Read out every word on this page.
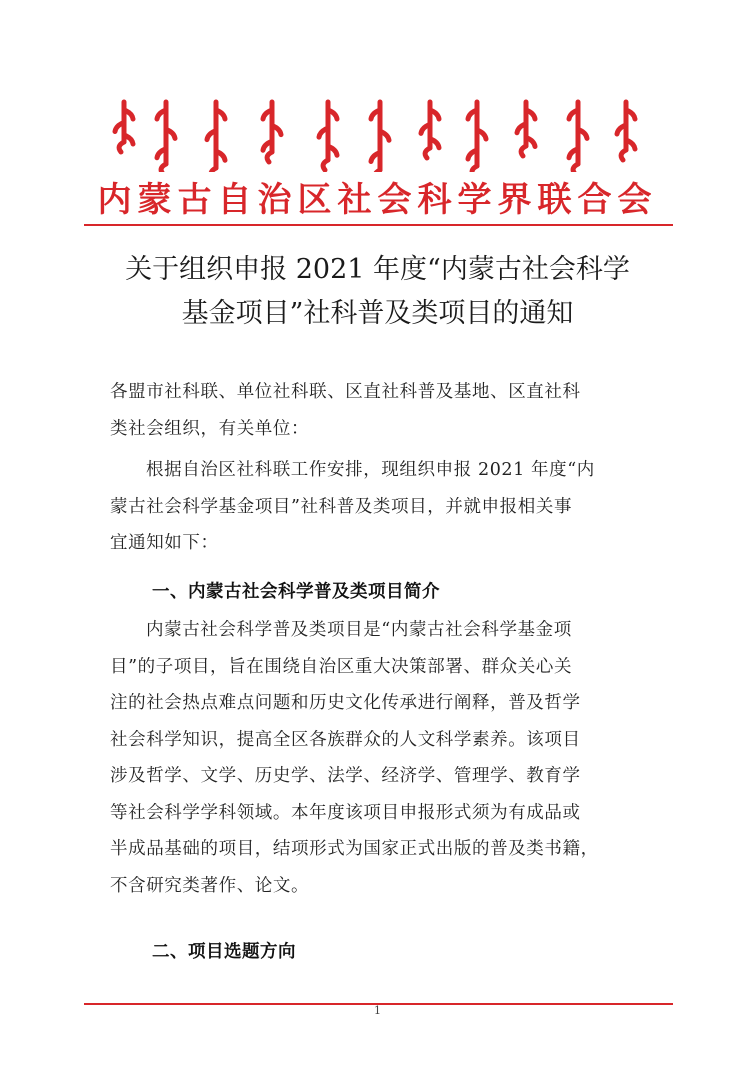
内蒙古自治区社会科学界联合会
关于组织申报 2021 年度“内蒙古社会科学
基金项目”社科普及类项目的通知
各盟市社科联、单位社科联、区直社科普及基地、区直社科
类社会组织，有关单位：
根据自治区社科联工作安排，现组织申报 2021 年度“内
蒙古社会科学基金项目”社科普及类项目，并就申报相关事
宜通知如下：
一、内蒙古社会科学普及类项目简介
内蒙古社会科学普及类项目是“内蒙古社会科学基金项
目”的子项目，旨在围绕自治区重大决策部署、群众关心关
注的社会热点难点问题和历史文化传承进行阐释，普及哲学
社会科学知识，提高全区各族群众的人文科学素养。该项目
涉及哲学、文学、历史学、法学、经济学、管理学、教育学
等社会科学学科领域。本年度该项目申报形式须为有成品或
半成品基础的项目，结项形式为国家正式出版的普及类书籍，
不含研究类著作、论文。
二、项目选题方向
1
